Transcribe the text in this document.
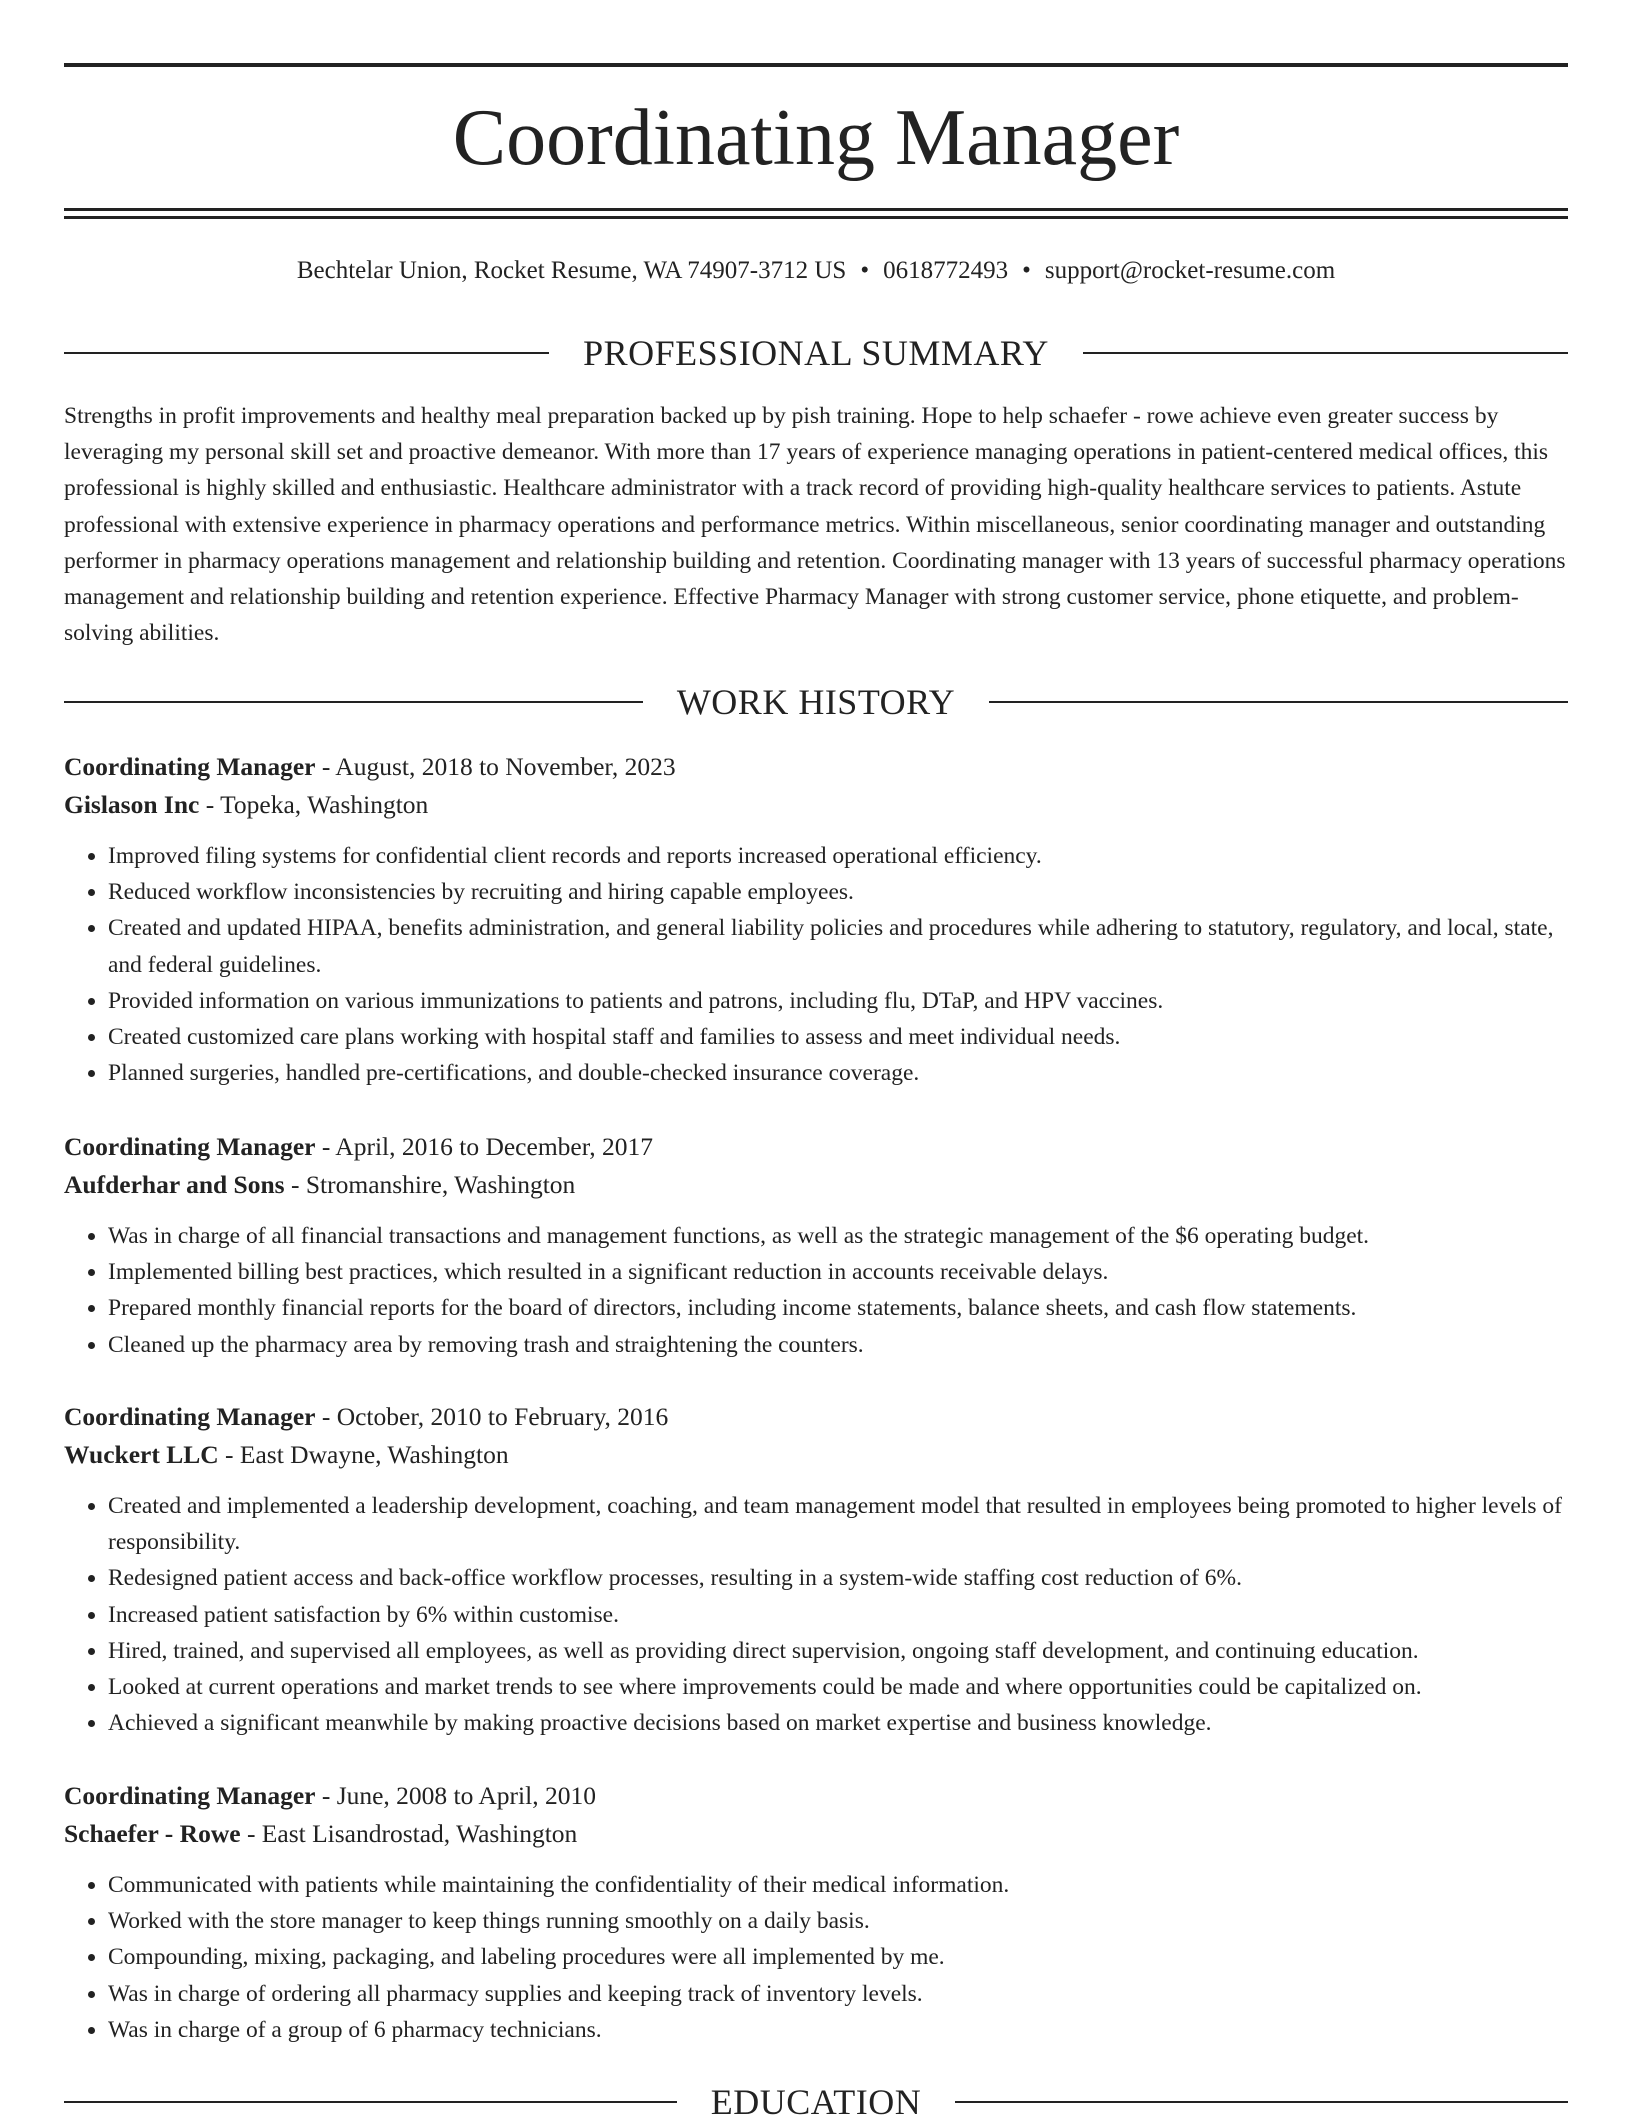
Coordinating Manager
Bechtelar Union, Rocket Resume, WA 74907-3712 US • 0618772493 • support@rocket-resume.com
PROFESSIONAL SUMMARY

Strengths in profit improvements and healthy meal preparation backed up by pish training. Hope to help schaefer - rowe achieve even greater success by leveraging my personal skill set and proactive demeanor. With more than 17 years of experience managing operations in patient-centered medical offices, this professional is highly skilled and enthusiastic. Healthcare administrator with a track record of providing high-quality healthcare services to patients. Astute professional with extensive experience in pharmacy operations and performance metrics. Within miscellaneous, senior coordinating manager and outstanding performer in pharmacy operations management and relationship building and retention. Coordinating manager with 13 years of successful pharmacy operations management and relationship building and retention experience. Effective Pharmacy Manager with strong customer service, phone etiquette, and problem-solving abilities.

WORK HISTORY
Coordinating Manager - August, 2018 to November, 2023
Gislason Inc - Topeka, Washington
• Improved filing systems for confidential client records and reports increased operational efficiency.
• Reduced workflow inconsistencies by recruiting and hiring capable employees.
• Created and updated HIPAA, benefits administration, and general liability policies and procedures while adhering to statutory, regulatory, and local, state, and federal guidelines.
• Provided information on various immunizations to patients and patrons, including flu, DTaP, and HPV vaccines.
• Created customized care plans working with hospital staff and families to assess and meet individual needs.
• Planned surgeries, handled pre-certifications, and double-checked insurance coverage.
Coordinating Manager - April, 2016 to December, 2017
Aufderhar and Sons - Stromanshire, Washington
• Was in charge of all financial transactions and management functions, as well as the strategic management of the $6 operating budget.
• Implemented billing best practices, which resulted in a significant reduction in accounts receivable delays.
• Prepared monthly financial reports for the board of directors, including income statements, balance sheets, and cash flow statements.
• Cleaned up the pharmacy area by removing trash and straightening the counters.
Coordinating Manager - October, 2010 to February, 2016
Wuckert LLC - East Dwayne, Washington
• Created and implemented a leadership development, coaching, and team management model that resulted in employees being promoted to higher levels of responsibility.
• Redesigned patient access and back-office workflow processes, resulting in a system-wide staffing cost reduction of 6%.
• Increased patient satisfaction by 6% within customise.
• Hired, trained, and supervised all employees, as well as providing direct supervision, ongoing staff development, and continuing education.
• Looked at current operations and market trends to see where improvements could be made and where opportunities could be capitalized on.
• Achieved a significant meanwhile by making proactive decisions based on market expertise and business knowledge.
Coordinating Manager - June, 2008 to April, 2010
Schaefer - Rowe - East Lisandrostad, Washington
• Communicated with patients while maintaining the confidentiality of their medical information.
• Worked with the store manager to keep things running smoothly on a daily basis.
• Compounding, mixing, packaging, and labeling procedures were all implemented by me.
• Was in charge of ordering all pharmacy supplies and keeping track of inventory levels.
• Was in charge of a group of 6 pharmacy technicians.
EDUCATION
